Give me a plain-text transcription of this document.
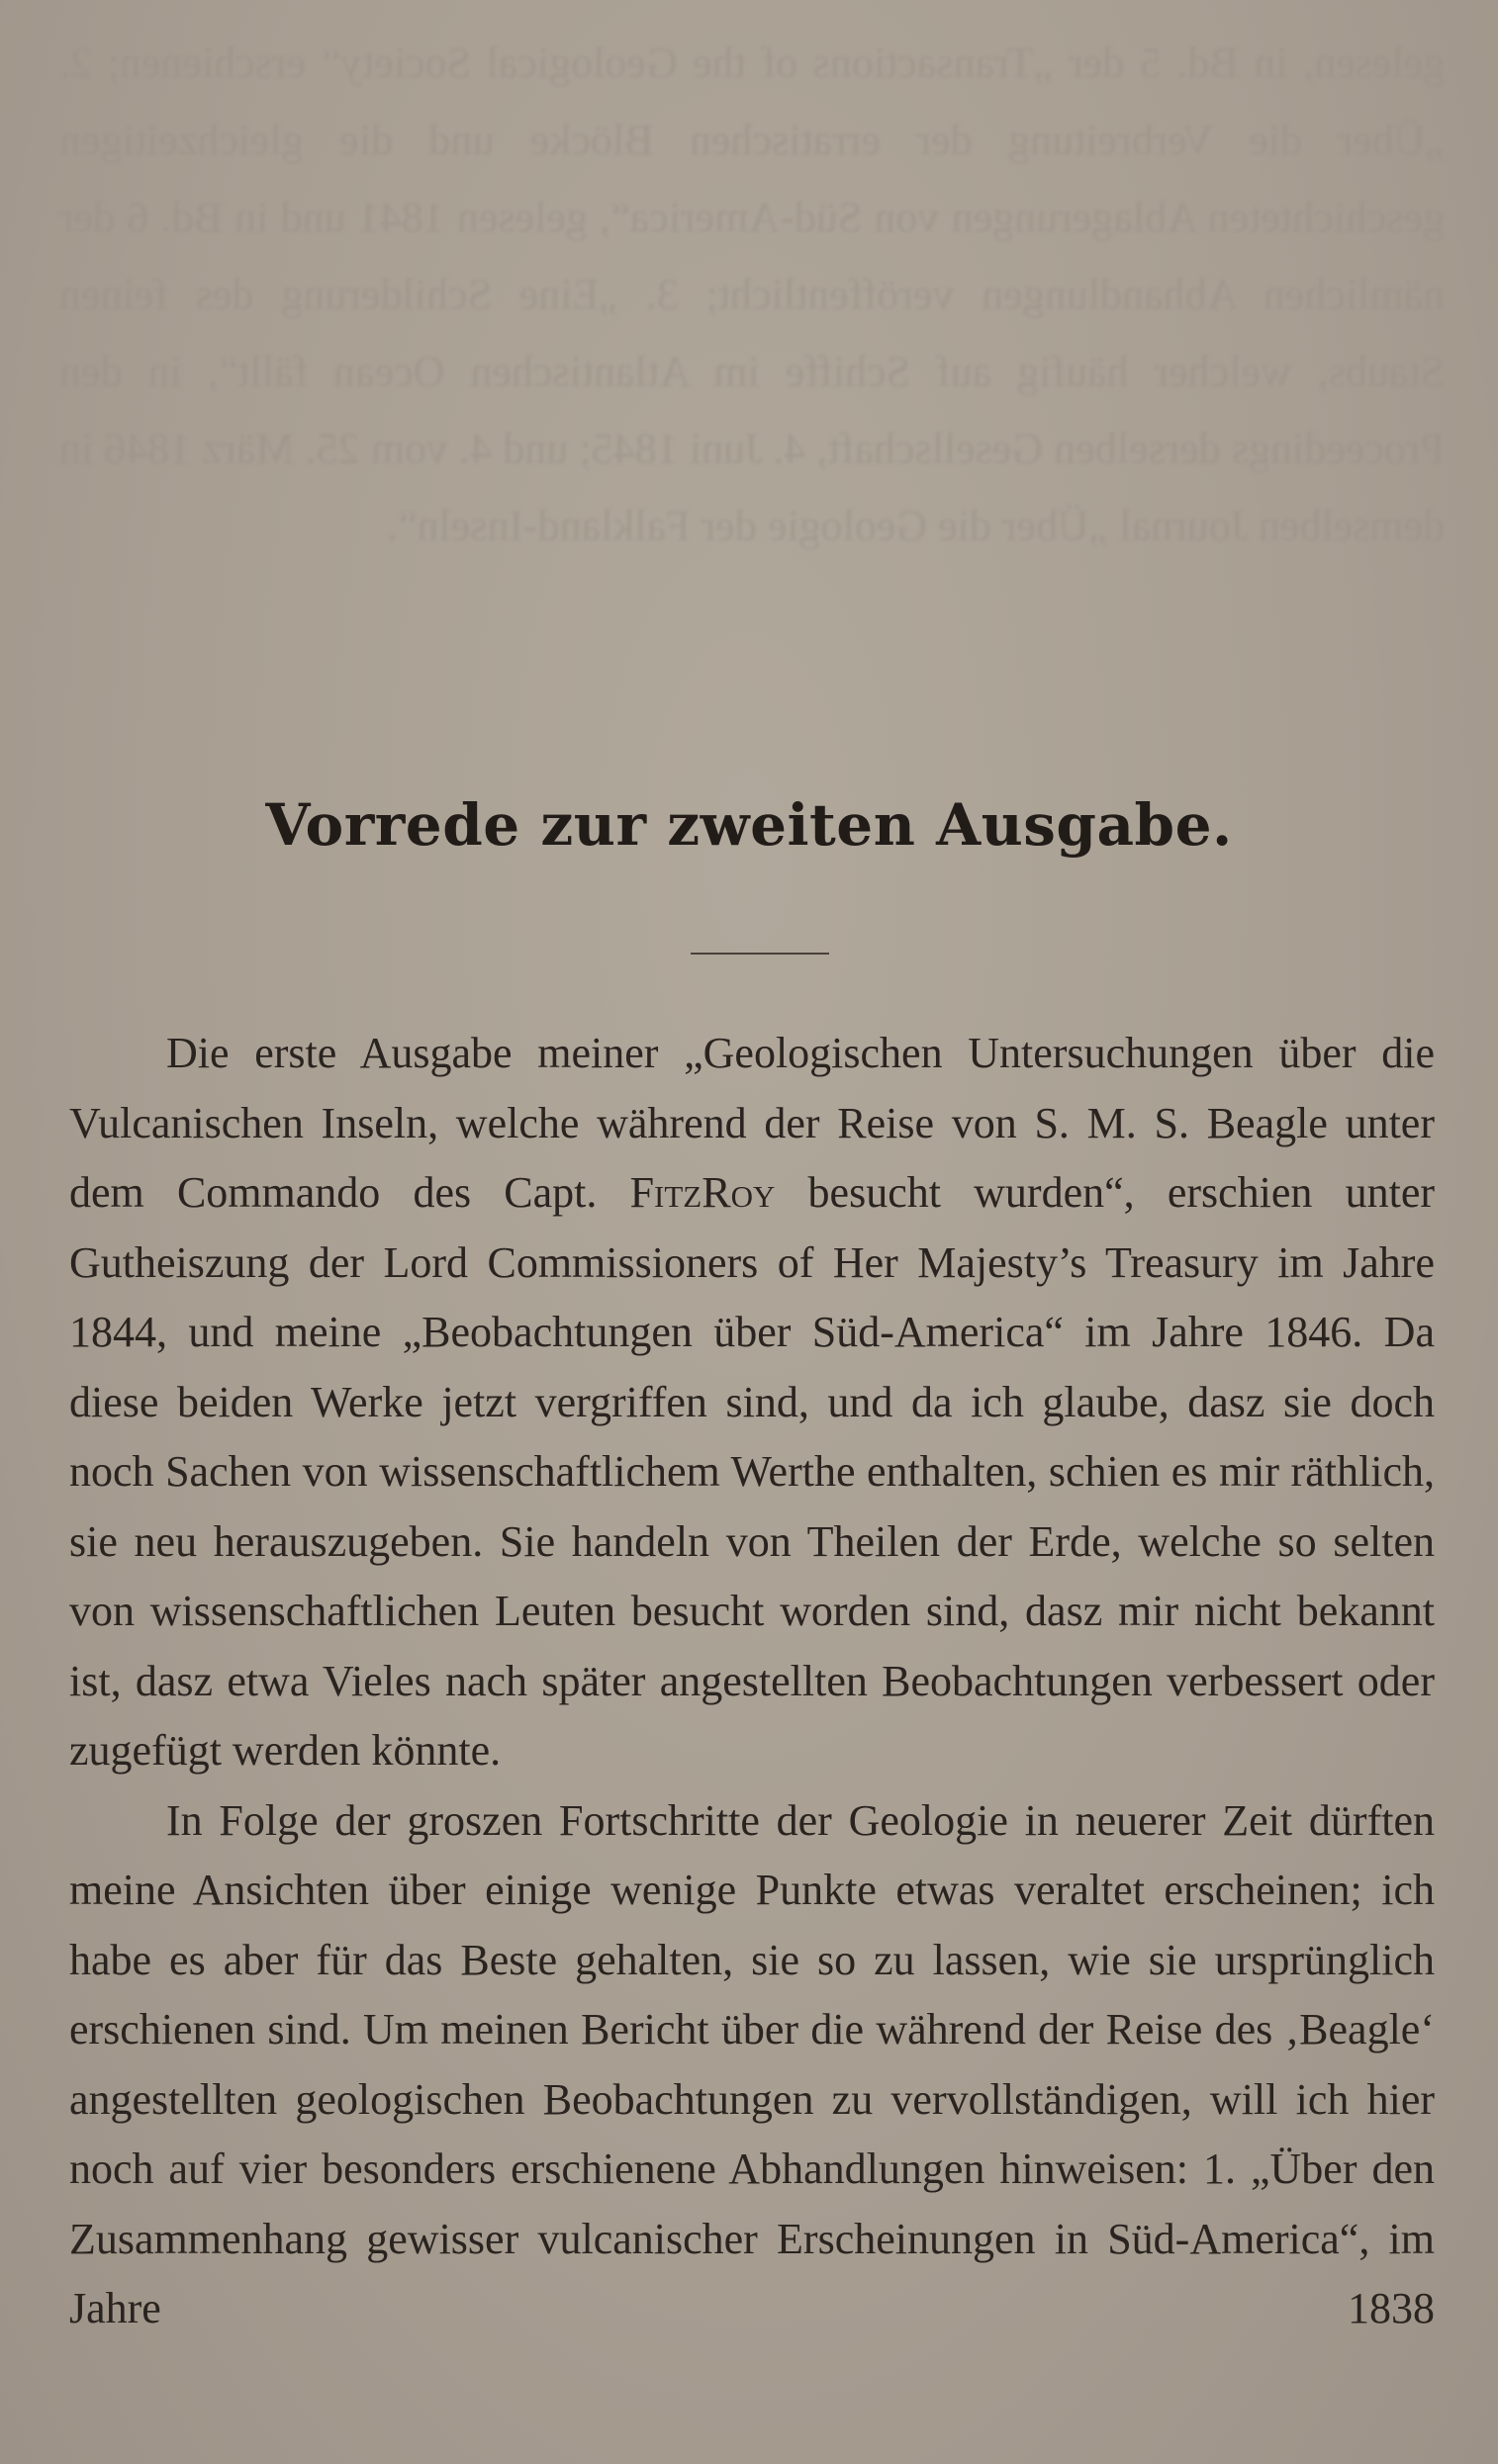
gelesen, in Bd. 5 der „Transactions of the Geological Society“ erschienen; 2. „Über die Verbreitung der erratischen Blöcke und die gleichzeitigen geschichteten Ablagerungen von Süd-America“, gelesen 1841 und in Bd. 6 der nämlichen Abhandlungen veröffentlicht; 3. „Eine Schilderung des feinen Staubs, welcher häufig auf Schiffe im Atlantischen Ocean fällt“, in den Proceedings derselben Gesellschaft, 4. Juni 1845; und 4. vom 25. März 1846 in demselben Journal „Über die Geologie der Falkland-Inseln“.
Vorrede zur zweiten Ausgabe.

Die erste Ausgabe meiner „Geologischen Untersuchungen über die Vulcanischen Inseln, welche während der Reise von S. M. S. Beagle unter dem Commando des Capt. FitzRoy besucht wurden“, erschien unter Gutheiszung der Lord Commissioners of Her Majesty’s Treasury im Jahre 1844, und meine „Beobachtungen über Süd-America“ im Jahre 1846. Da diese beiden Werke jetzt vergriffen sind, und da ich glaube, dasz sie doch noch Sachen von wissenschaftlichem Werthe enthalten, schien es mir räthlich, sie neu herauszugeben. Sie handeln von Theilen der Erde, welche so selten von wissenschaftlichen Leuten besucht worden sind, dasz mir nicht bekannt ist, dasz etwa Vieles nach später angestellten Beobachtungen verbessert oder zugefügt werden könnte.

In Folge der groszen Fortschritte der Geologie in neuerer Zeit dürften meine Ansichten über einige wenige Punkte etwas veraltet erscheinen; ich habe es aber für das Beste gehalten, sie so zu lassen, wie sie ursprünglich erschienen sind. Um meinen Bericht über die während der Reise des ‚Beagle‘ angestellten geologischen Beobachtungen zu vervollständigen, will ich hier noch auf vier besonders erschienene Abhandlungen hinweisen: 1. „Über den Zusammenhang gewisser vulcanischer Erscheinungen in Süd-America“, im Jahre 1838
